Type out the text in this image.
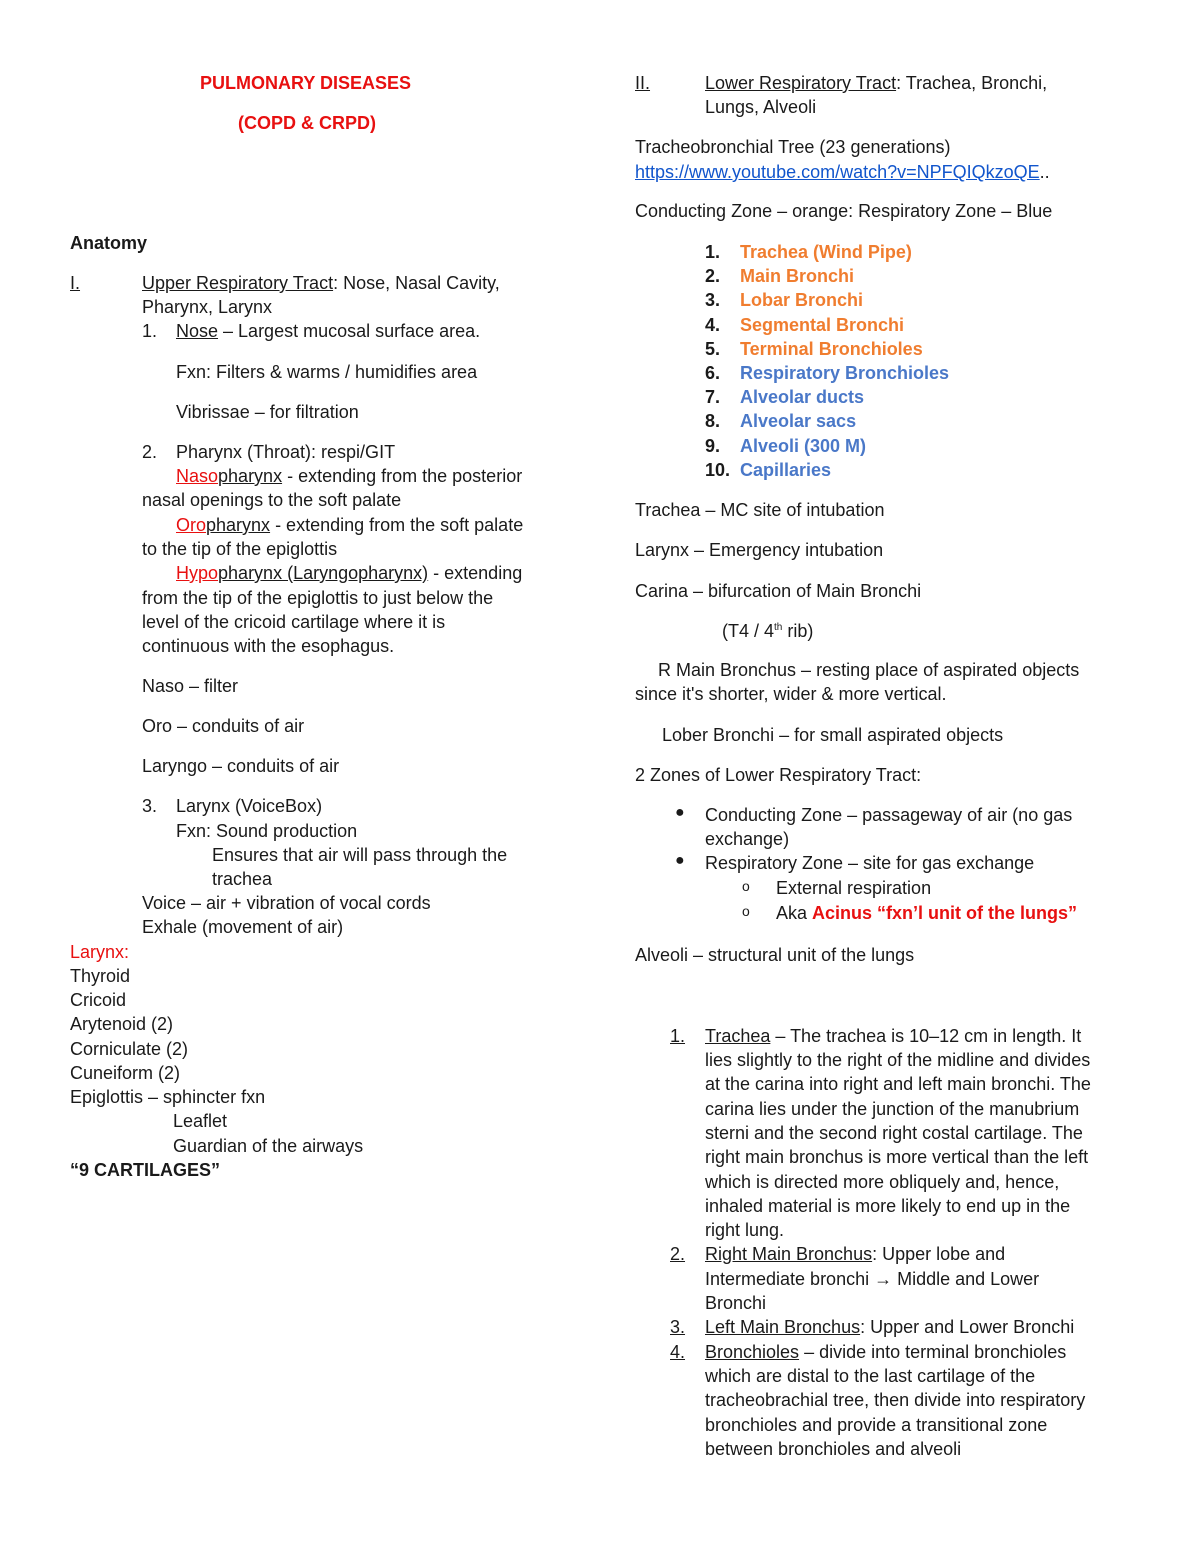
PULMONARY DISEASES
(COPD & CRPD)
Anatomy
I.	Upper Respiratory Tract: Nose, Nasal Cavity,
Pharynx, Larynx
1. Nose – Largest mucosal surface area.
Fxn: Filters & warms / humidifies area
Vibrissae – for filtration
2. Pharynx (Throat): respi/GIT
Nasopharynx - extending from the posterior
nasal openings to the soft palate
Oropharynx - extending from the soft palate
to the tip of the epiglottis
Hypopharynx (Laryngopharynx) - extending
from the tip of the epiglottis to just below the
level of the cricoid cartilage where it is
continuous with the esophagus.
Naso – filter
Oro – conduits of air
Laryngo – conduits of air
3. Larynx (VoiceBox)
Fxn: Sound production
Ensures that air will pass through the
trachea
Voice – air + vibration of vocal cords
Exhale (movement of air)
Larynx:
Thyroid
Cricoid
Arytenoid (2)
Corniculate (2)
Cuneiform (2)
Epiglottis – sphincter fxn
Leaflet
Guardian of the airways
“9 CARTILAGES”
II.	Lower Respiratory Tract: Trachea, Bronchi,
Lungs, Alveoli
Tracheobronchial Tree (23 generations)
https://www.youtube.com/watch?v=NPFQIQkzoQE..
Conducting Zone – orange: Respiratory Zone – Blue
1. Trachea (Wind Pipe)
2. Main Bronchi
3. Lobar Bronchi
4. Segmental Bronchi
5. Terminal Bronchioles
6. Respiratory Bronchioles
7. Alveolar ducts
8. Alveolar sacs
9. Alveoli (300 M)
10. Capillaries
Trachea – MC site of intubation
Larynx – Emergency intubation
Carina – bifurcation of Main Bronchi
(T4 / 4th rib)
R Main Bronchus – resting place of aspirated objects
since it's shorter, wider & more vertical.
Lober Bronchi – for small aspirated objects
2 Zones of Lower Respiratory Tract:
● Conducting Zone – passageway of air (no gas
exchange)
● Respiratory Zone – site for gas exchange
o External respiration
o Aka Acinus “fxn’l unit of the lungs”
Alveoli – structural unit of the lungs
1. Trachea – The trachea is 10–12 cm in length. It
lies slightly to the right of the midline and divides
at the carina into right and left main bronchi. The
carina lies under the junction of the manubrium
sterni and the second right costal cartilage. The
right main bronchus is more vertical than the left
which is directed more obliquely and, hence,
inhaled material is more likely to end up in the
right lung.
2. Right Main Bronchus: Upper lobe and
Intermediate bronchi → Middle and Lower
Bronchi
3. Left Main Bronchus: Upper and Lower Bronchi
4. Bronchioles – divide into terminal bronchioles
which are distal to the last cartilage of the
tracheobrachial tree, then divide into respiratory
bronchioles and provide a transitional zone
between bronchioles and alveoli
